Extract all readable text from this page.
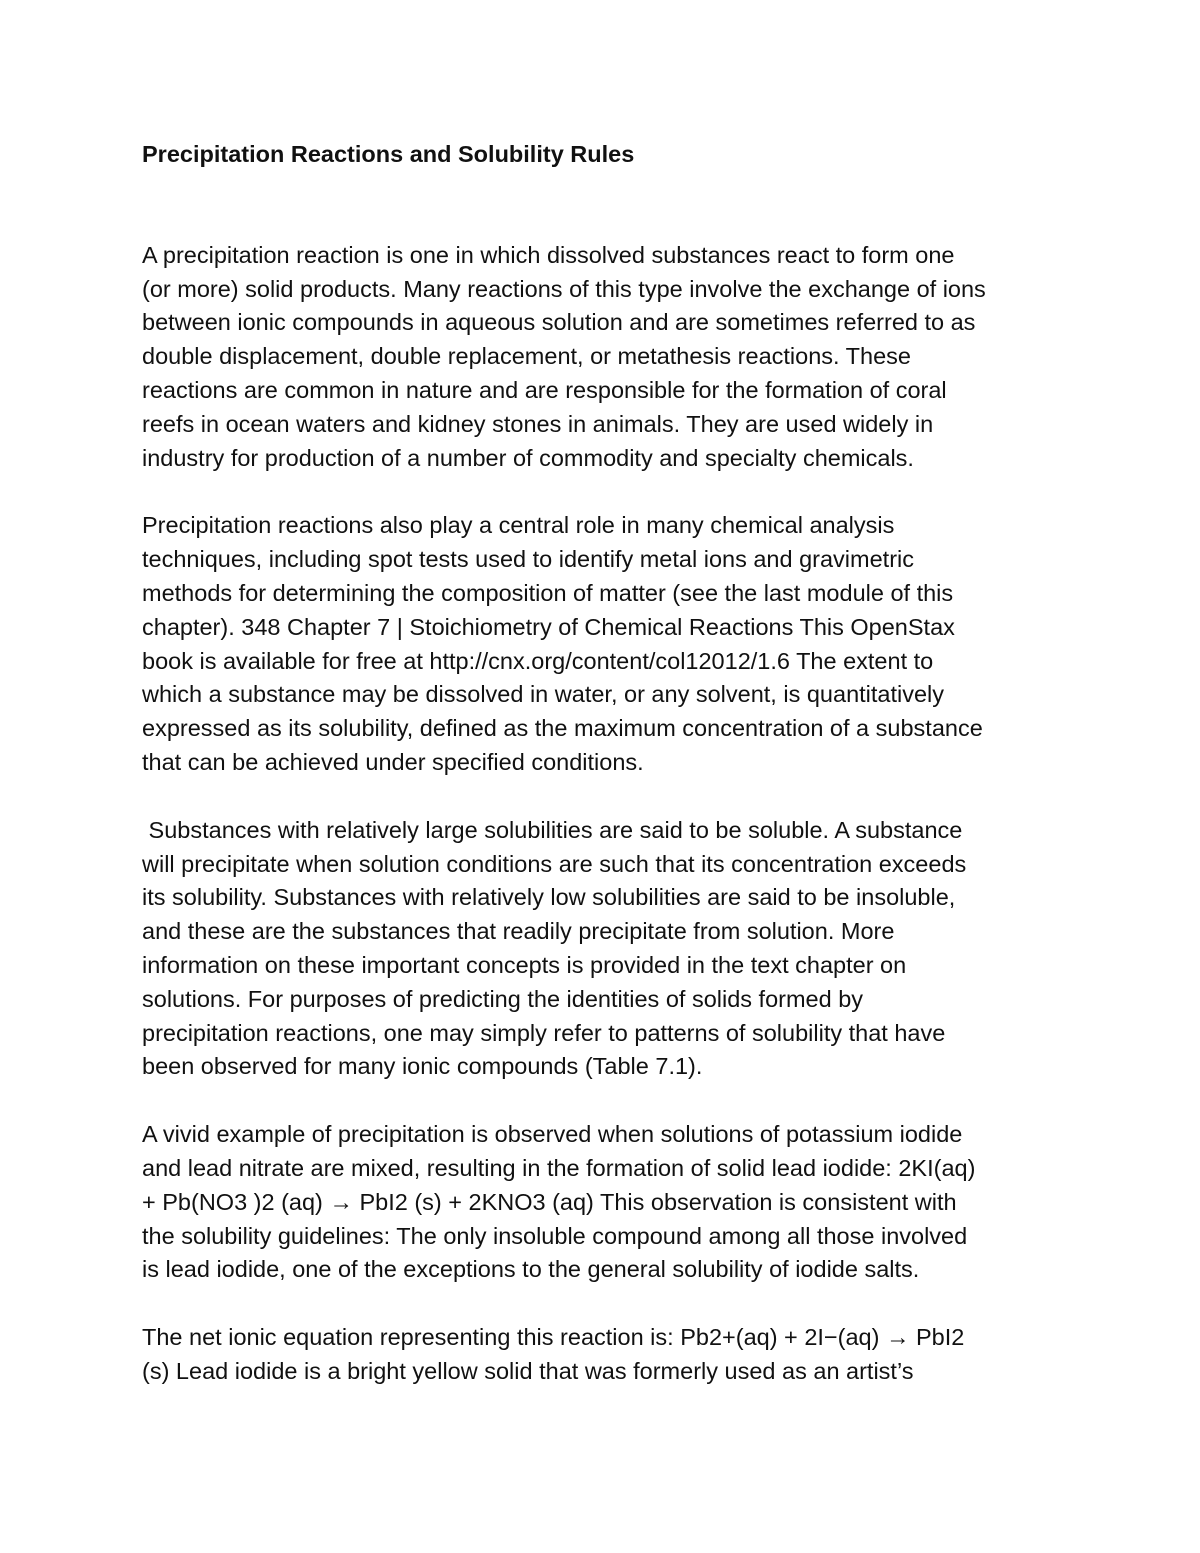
Precipitation Reactions and Solubility Rules
A precipitation reaction is one in which dissolved substances react to form one
(or more) solid products. Many reactions of this type involve the exchange of ions
between ionic compounds in aqueous solution and are sometimes referred to as
double displacement, double replacement, or metathesis reactions. These
reactions are common in nature and are responsible for the formation of coral
reefs in ocean waters and kidney stones in animals. They are used widely in
industry for production of a number of commodity and specialty chemicals.
Precipitation reactions also play a central role in many chemical analysis
techniques, including spot tests used to identify metal ions and gravimetric
methods for determining the composition of matter (see the last module of this
chapter). 348 Chapter 7 | Stoichiometry of Chemical Reactions This OpenStax
book is available for free at http://cnx.org/content/col12012/1.6 The extent to
which a substance may be dissolved in water, or any solvent, is quantitatively
expressed as its solubility, defined as the maximum concentration of a substance
that can be achieved under specified conditions.
Substances with relatively large solubilities are said to be soluble. A substance
will precipitate when solution conditions are such that its concentration exceeds
its solubility. Substances with relatively low solubilities are said to be insoluble,
and these are the substances that readily precipitate from solution. More
information on these important concepts is provided in the text chapter on
solutions. For purposes of predicting the identities of solids formed by
precipitation reactions, one may simply refer to patterns of solubility that have
been observed for many ionic compounds (Table 7.1).
A vivid example of precipitation is observed when solutions of potassium iodide
and lead nitrate are mixed, resulting in the formation of solid lead iodide: 2KI(aq)
+ Pb(NO3 )2 (aq) → PbI2 (s) + 2KNO3 (aq) This observation is consistent with
the solubility guidelines: The only insoluble compound among all those involved
is lead iodide, one of the exceptions to the general solubility of iodide salts.
The net ionic equation representing this reaction is: Pb2+(aq) + 2I−(aq) → PbI2
(s) Lead iodide is a bright yellow solid that was formerly used as an artist’s
